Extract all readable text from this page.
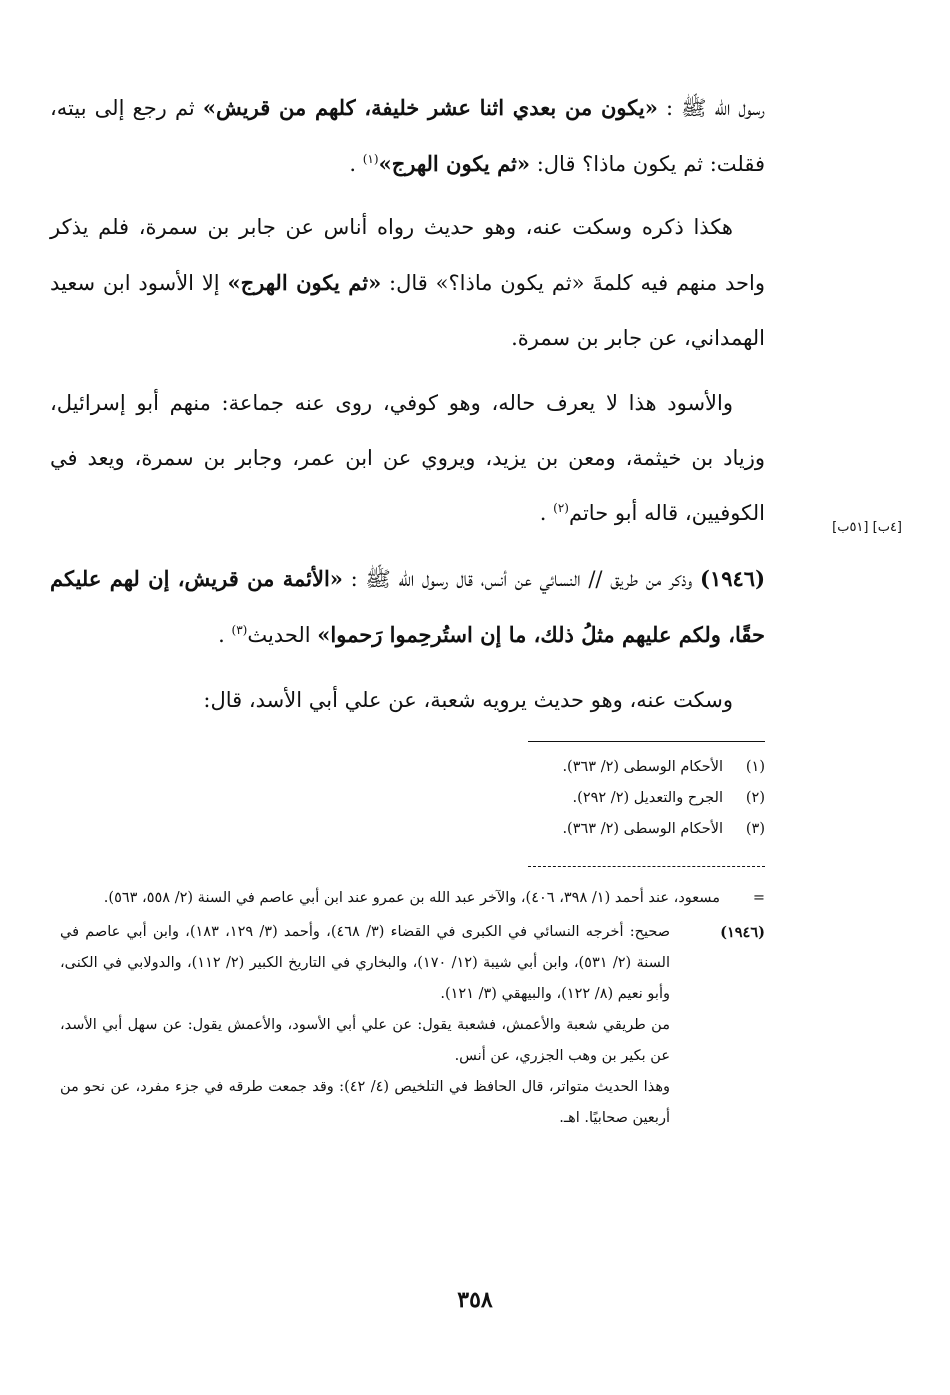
رسول الله ﷺ : «يكون من بعدي اثنا عشر خليفة، كلهم من قريش» ثم رجع إلى بيته، فقلت: ثم يكون ماذا؟ قال: «ثم يكون الهرج»$^{(١)}$ .

هكذا ذكره وسكت عنه، وهو حديث رواه أناس عن جابر بن سمرة، فلم يذكر واحد منهم فيه كلمةَ «ثم يكون ماذا؟» قال: «ثم يكون الهرج» إلا الأسود ابن سعيد الهمداني، عن جابر بن سمرة.

والأسود هذا لا يعرف حاله، وهو كوفي، روى عنه جماعة: منهم أبو إسرائيل، وزياد بن خيثمة، ومعن بن يزيد، ويروي عن ابن عمر، وجابر بن سمرة، ويعد في الكوفيين، قاله أبو حاتم$^{(٢)}$ .

(١٩٤٦) وذكر من طريق // النسائي عن أنس، قال رسول الله ﷺ : «الأئمة من قريش، إن لهم عليكم حقًا، ولكم عليهم مثلُ ذلك، ما إن استُرحِموا رَحموا» الحديث$^{(٣)}$ .

وسكت عنه، وهو حديث يرويه شعبة، عن علي أبي الأسد، قال:

[٤ب] [٥١ب]
(١)
الأحكام الوسطى (٢/ ٣٦٣).
(٢)
الجرح والتعديل (٢/ ٢٩٢).
(٣)
الأحكام الوسطى (٢/ ٣٦٣).
=
مسعود، عند أحمد (١/ ٣٩٨، ٤٠٦)، والآخر عبد الله بن عمرو عند ابن أبي عاصم في السنة (٢/ ٥٥٨، ٥٦٣).
(١٩٤٦)

صحيح: أخرجه النسائي في الكبرى في القضاء (٣/ ٤٦٨)، وأحمد (٣/ ١٢٩، ١٨٣)، وابن أبي عاصم في السنة (٢/ ٥٣١)، وابن أبي شيبة (١٢/ ١٧٠)، والبخاري في التاريخ الكبير (٢/ ١١٢)، والدولابي في الكنى، وأبو نعيم (٨/ ١٢٢)، والبيهقي (٣/ ١٢١).

من طريقي شعبة والأعمش، فشعبة يقول: عن علي أبي الأسود، والأعمش يقول: عن سهل أبي الأسد، عن بكير بن وهب الجزري، عن أنس.

وهذا الحديث متواتر، قال الحافظ في التلخيص (٤/ ٤٢): وقد جمعت طرقه في جزء مفرد، عن نحو من أربعين صحابيًا. اهـ.

٣٥٨
